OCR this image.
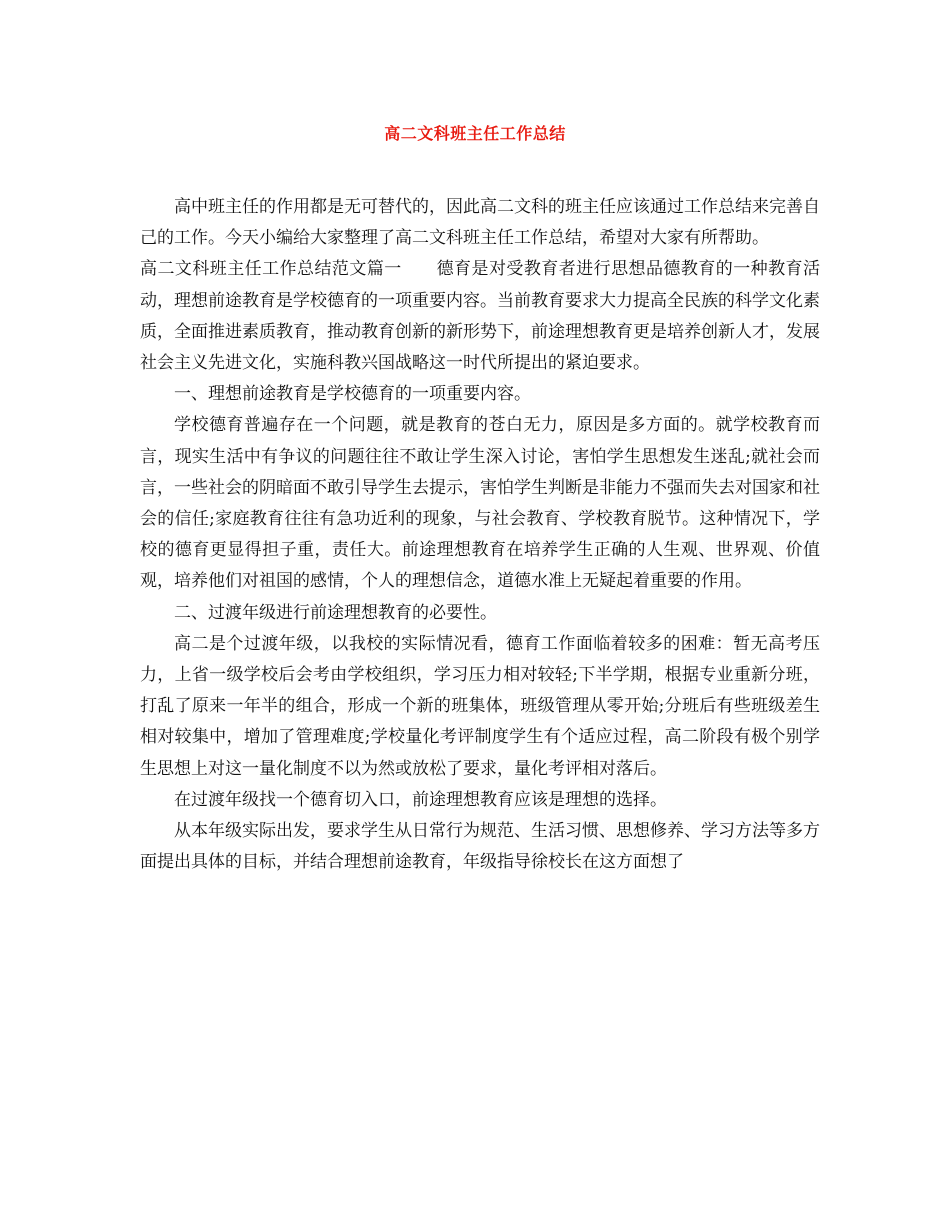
高二文科班主任工作总结

高中班主任的作用都是无可替代的，因此高二文科的班主任应该通过工作总结来完善自己的工作。今天小编给大家整理了高二文科班主任工作总结，希望对大家有所帮助。

高二文科班主任工作总结范文篇一　　德育是对受教育者进行思想品德教育的一种教育活动，理想前途教育是学校德育的一项重要内容。当前教育要求大力提高全民族的科学文化素质，全面推进素质教育，推动教育创新的新形势下，前途理想教育更是培养创新人才，发展社会主义先进文化，实施科教兴国战略这一时代所提出的紧迫要求。

一、理想前途教育是学校德育的一项重要内容。

学校德育普遍存在一个问题，就是教育的苍白无力，原因是多方面的。就学校教育而言，现实生活中有争议的问题往往不敢让学生深入讨论，害怕学生思想发生迷乱;就社会而言，一些社会的阴暗面不敢引导学生去提示，害怕学生判断是非能力不强而失去对国家和社会的信任;家庭教育往往有急功近利的现象，与社会教育、学校教育脱节。这种情况下，学校的德育更显得担子重，责任大。前途理想教育在培养学生正确的人生观、世界观、价值观，培养他们对祖国的感情，个人的理想信念，道德水准上无疑起着重要的作用。

二、过渡年级进行前途理想教育的必要性。

高二是个过渡年级，以我校的实际情况看，德育工作面临着较多的困难：暂无高考压力，上省一级学校后会考由学校组织，学习压力相对较轻;下半学期，根据专业重新分班，打乱了原来一年半的组合，形成一个新的班集体，班级管理从零开始;分班后有些班级差生相对较集中，增加了管理难度;学校量化考评制度学生有个适应过程，高二阶段有极个别学生思想上对这一量化制度不以为然或放松了要求，量化考评相对落后。

在过渡年级找一个德育切入口，前途理想教育应该是理想的选择。

从本年级实际出发，要求学生从日常行为规范、生活习惯、思想修养、学习方法等多方面提出具体的目标，并结合理想前途教育，年级指导徐校长在这方面想了
